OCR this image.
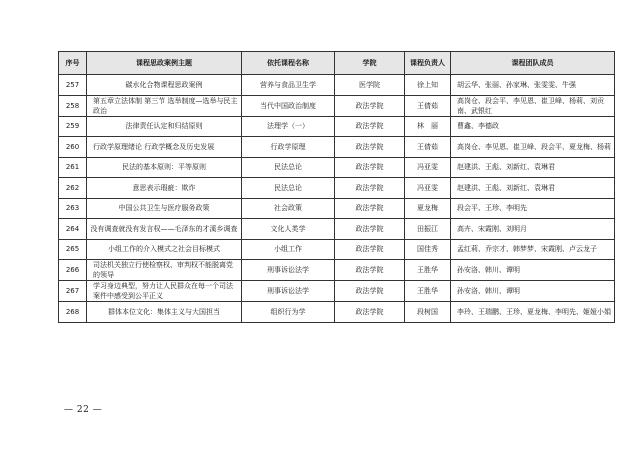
序号	课程思政案例主题	依托课程名称	学院	课程负责人	课程团队成员
257	碳水化合物课程思政案例	营养与食品卫生学	医学院	徐上知	胡云华、张丽、孙家琳、张雯雯、牛强
258	第五章立法体制 第三节 选举制度—选举与民主政治	当代中国政治制度	政法学院	王倩茹	高岗仓、段会平、李见恩、崔卫峰、杨莉、刘贡南、武银红
259	法律责任认定和归结原则	法理学（一）	政法学院	林　丽	曹鑫、李德政
260	行政学原理绪论 行政学概念及历史发展	行政学原理	政法学院	王倩茹	高岗仓、李见恩、崔卫峰、段会平、夏龙梅、杨莉
261	民法的基本原则：平等原则	民法总论	政法学院	冯亚雯	赵建洪、王彪、刘新红、袁琳君
262	意思表示瑕疵：欺诈	民法总论	政法学院	冯亚雯	赵建洪、王彪、刘新红、袁琳君
263	中国公共卫生与医疗服务政策	社会政策	政法学院	夏龙梅	段会平、王珍、李明先
264	没有调查就没有发言权——毛泽东的才溪乡调查	文化人类学	政法学院	田振江	高卉、宋霞刚、刘明月
265	小组工作的介入模式之社会目标模式	小组工作	政法学院	国佳秀	孟红莉、乔宗才、韩梦梦、宋霞刚、卢云龙子
266	司法机关独立行使检察权、审判权不能脱离党的领导	刑事诉讼法学	政法学院	王胜华	孙安洛、韩川、谭明
267	学习身边典型，努力让人民群众在每一个司法案件中感受到公平正义	刑事诉讼法学	政法学院	王胜华	孙安洛、韩川、谭明
268	群体本位文化：集体主义与大国担当	组织行为学	政法学院	段树国	李玲、王瑞鹏、王珍、夏龙梅、李明先、姬娅小娟
— 22 —
